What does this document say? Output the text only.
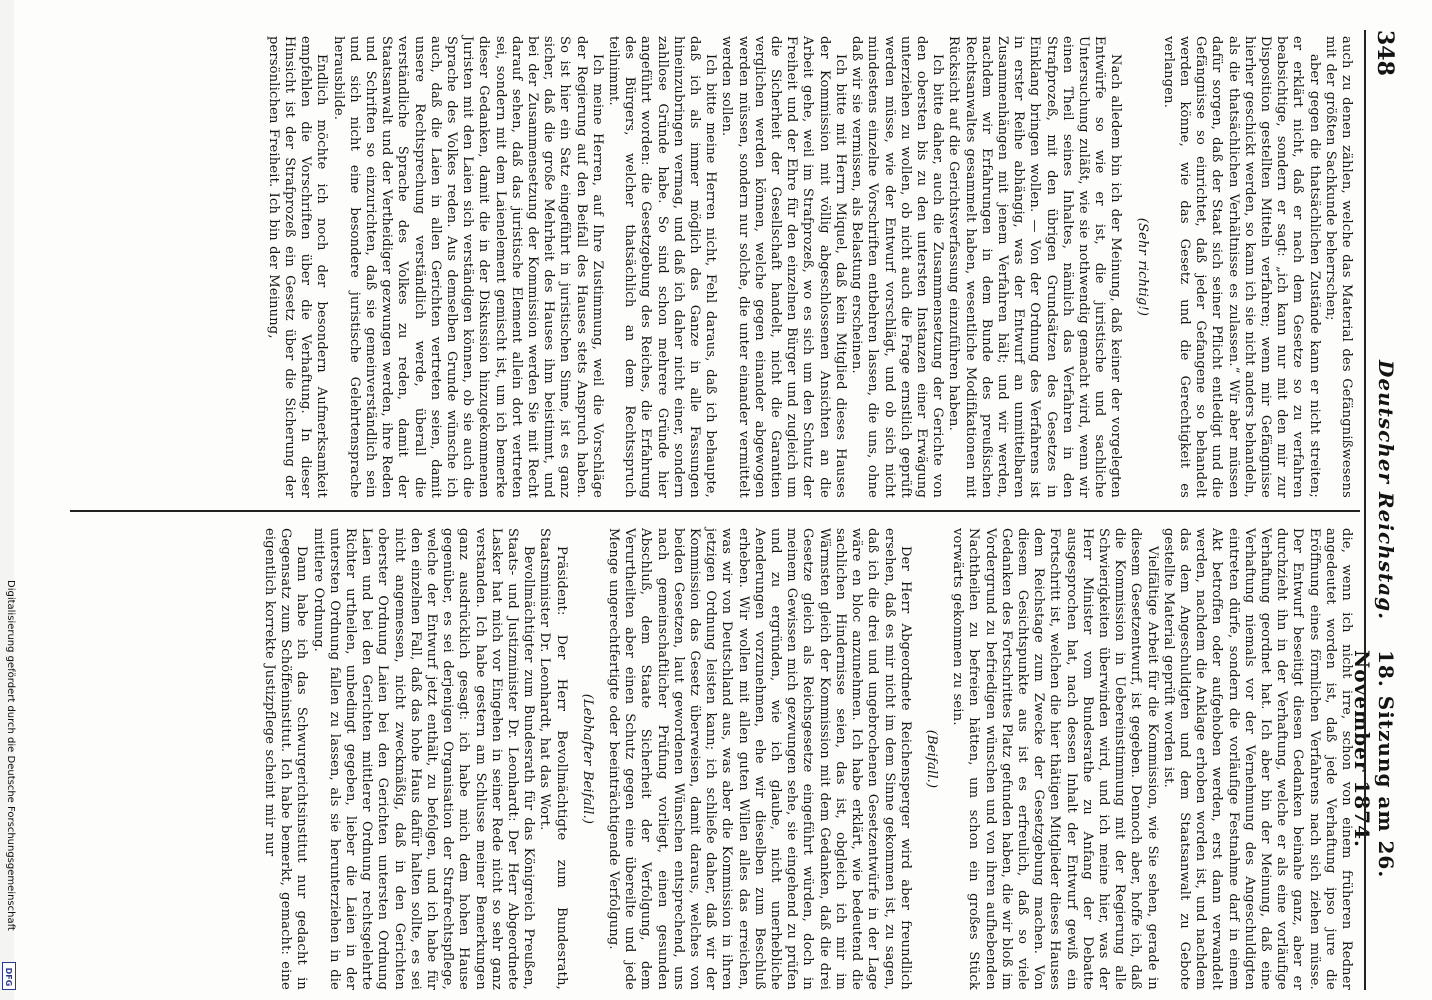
348
Deutscher Reichstag.
18. Sitzung am 26. November 1874.

auch zu denen zählen, welche das Material des Gefängnißwesens mit der größten Sachkunde beherrschen;

aber gegen die thatsächlichen Zustände kann er nicht streiten; er erklärt nicht, daß er nach dem Gesetze so zu verfahren beabsichtige, sondern er sagt: „ich kann nur mit den mir zur Disposition gestellten Mitteln verfahren; wenn mir Gefängnisse hierher geschickt werden, so kann ich sie nicht anders behandeln, als die thatsächlichen Verhältnisse es zulassen.“ Wir aber müssen dafür sorgen, daß der Staat sich seiner Pflicht entledigt und die Gefängnisse so einrichtet, daß jeder Gefangene so behandelt werden könne, wie das Gesetz und die Gerechtigkeit es verlangen.

(Sehr richtig!)

Nach alledem bin ich der Meinung, daß keiner der vorgelegten Entwürfe so wie er ist, die juristische und sachliche Untersuchung zuläßt, wie sie nothwendig gemacht wird, wenn wir einen Theil seines Inhaltes, nämlich das Verfahren in den Strafprozeß, mit den übrigen Grundsätzen des Gesetzes in Einklang bringen wollen. — Von der Ordnung des Verfahrens ist in erster Reihe abhängig, was der Entwurf an unmittelbaren Zusammenhängen mit jenem Verfahren hält; und wir werden, nachdem wir Erfahrungen in dem Bunde des preußischen Rechtsanwaltes gesammelt haben, wesentliche Modifikationen mit Rücksicht auf die Gerichtsverfassung einzuführen haben.

Ich bitte daher, auch die Zusammensetzung der Gerichte von den obersten bis zu den untersten Instanzen einer Erwägung unterziehen zu wollen, ob nicht auch die Frage ernstlich geprüft werden müsse, wie der Entwurf vorschlägt, und ob sich nicht mindestens einzelne Vorschriften entbehren lassen, die uns, ohne daß wir sie vermissen, als Belastung erscheinen.

Ich bitte mit Herrn Miquel, daß kein Mitglied dieses Hauses der Kommission mit völlig abgeschlossenen Ansichten an die Arbeit gehe, weil im Strafprozeß, wo es sich um den Schutz der Freiheit und der Ehre für den einzelnen Bürger und zugleich um die Sicherheit der Gesellschaft handelt, nicht die Garantien verglichen werden können, welche gegen einander abgewogen werden müssen, sondern nur solche, die unter einander vermittelt werden sollen.

Ich bitte meine Herren nicht, Fehl daraus, daß ich behaupte, daß ich als immer möglich das Ganze in alle Fassungen hineinzubringen vermag, und daß ich daher nicht einer, sondern zahllose Gründe habe. So sind schon mehrere Gründe hier angeführt worden: die Gesetzgebung des Reiches, die Erfahrung des Bürgers, welcher thatsächlich an dem Rechtsspruch teilnimmt.

Ich meine Herren, auf Ihre Zustimmung, weil die Vorschläge der Regierung auf den Beifall des Hauses stets Anspruch haben. So ist hier ein Satz eingeführt in juristischen Sinne, ist es ganz sicher, daß die große Mehrheit des Hauses ihm beistimmt, und bei der Zusammensetzung der Kommission werden Sie mit Recht darauf sehen, daß das juristische Element allein dort vertreten sei, sondern mit dem Laienelement gemischt ist, um ich bemerke dieser Gedanken, damit die in der Diskussion hinzugekommenen Juristen mit den Laien sich verständigen können, ob sie auch die Sprache des Volkes reden. Aus demselben Grunde wünsche ich auch, daß die Laien in allen Gerichten vertreten seien, damit unsere Rechtsprechung verständlich werde, überall die verständliche Sprache des Volkes zu reden, damit der Staatsanwalt und der Vertheidiger gezwungen werden, ihre Reden und Schriften so einzurichten, daß sie gemeinverständlich sein und sich nicht eine besondere juristische Gelehrtensprache herausbilde.

Endlich möchte ich noch der besondern Aufmerksamkeit empfehlen die Vorschriften über die Verhaftung. In dieser Hinsicht ist der Strafprozeß ein Gesetz über die Sicherung der persönlichen Freiheit. Ich bin der Meinung,

die, wenn ich nicht irre, schon von einem früheren Redner angedeutet worden ist, daß jede Verhaftung ipso jure die Eröffnung eines förmlichen Verfahrens nach sich ziehen müsse. Der Entwurf beseitigt diesen Gedanken beinahe ganz, aber er durchzieht ihn in der Verhaftung, welche er als eine vorläufige Verhaftung geordnet hat. Ich aber bin der Meinung, daß eine Verhaftung niemals vor der Vernehmung des Angeschuldigten eintreten dürfe, sondern die vorläufige Festnahme darf in einem Akt betroffen oder aufgehoben werden, erst dann verwandelt werden, nachdem die Anklage erhoben worden ist, und nachdem das dem Angeschuldigten und dem Staatsanwalt zu Gebote gestellte Material geprüft worden ist.

Vielfältige Arbeit für die Kommission, wie Sie sehen, gerade in diesem Gesetzentwurf, ist gegeben. Dennoch aber, hoffe ich, daß die Kommission in Uebereinstimmung mit der Regierung alle Schwierigkeiten überwinden wird, und ich meine hier, was der Herr Minister vom Bundesrathe zu Anfang der Debatte ausgesprochen hat, nach dessen Inhalt der Entwurf gewiß ein Fortschritt ist, welchen die hier thätigen Mitglieder dieses Hauses dem Reichstage zum Zwecke der Gesetzgebung machen. Von diesem Gesichtspunkte aus ist es erfreulich, daß so viele Gedanken des Fortschrittes Platz gefunden haben, die wir bloß im Vordergrund zu befriedigen wünschen und von ihren aufhebenden Nachtheilen zu befreien hätten, um schon ein großes Stück vorwärts gekommen zu sein.

(Beifall.)

Der Herr Abgeordnete Reichensperger wird aber freundlich ersehen, daß es mir nicht im dem Sinne gekommen ist, zu sagen, daß ich die drei und ungebrochenen Gesetzentwürfe in der Lage wäre en bloc anzunehmen. Ich habe erklärt, wie bedeutend die sachlichen Hindernisse seien, das ist, obgleich ich mir im Wärmsten gleich der Kommission mit dem Gedanken, daß die drei Gesetze gleich als Reichsgesetze eingeführt würden, doch in meinem Gewissen mich gezwungen sehe, sie eingehend zu prüfen und zu ergründen, wie ich glaube, nicht unerhebliche Aenderungen vorzunehmen, ehe wir dieselben zum Beschluß erheben. Wir wollen mit allen guten Willen alles das erreichen, was wir von Deutschland aus, was aber die Kommission in ihren jetzigen Ordnung leisten kann; ich schließe daher, daß wir der Kommission das Gesetz überweisen, damit daraus, welches von beiden Gesetzen, laut gewordenen Wünschen entsprechend, uns nach gemeinschaftlicher Prüfung vorliegt, einen gesunden Abschluß, dem Staate Sicherheit der Verfolgung, dem Verurtheilten aber einen Schutz gegen eine übereilte und jede Menge ungerechtfertigte oder beeinträchtigende Verfolgung.

(Lebhafter Beifall.)

Präsident: Der Herr Bevollmächtigte zum Bundesrath, Staatsminister Dr. Leonhardt, hat das Wort.

Bevollmächtigter zum Bundesrath für das Königreich Preußen, Staats- und Justizminister Dr. Leonhardt: Der Herr Abgeordnete Lasker hat mich vor Eingehen in seiner Rede nicht so sehr ganz verstanden. Ich habe gestern am Schlusse meiner Bemerkungen ganz ausdrücklich gesagt: ich habe mich dem hohen Hause gegenüber, es sei derjenigen Organisation der Strafrechtspflege, welche der Entwurf jetzt enthält, zu befolgen, und ich habe für den einzelnen Fall, daß das hohe Haus dafür halten sollte, es sei nicht angemessen, nicht zweckmäßig, daß in den Gerichten oberster Ordnung Laien bei den Gerichten untersten Ordnung Laien und bei den Gerichten mittlerer Ordnung rechtsgelehrte Richter urtheilen, unbedingt gegeben, lieber die Laien in der untersten Ordnung fallen zu lassen, als sie herunterziehen in die mittlere Ordnung.

Dann habe ich das Schwurgerichtsinstitut nur gedacht in Gegensatz zum Schöffeninstitut. Ich habe bemerkt, gemacht: eine eigentlich korrekte Justizpflege scheint mir nur

Digitalisierung gefördert durch die Deutsche Forschungsgemeinschaft
DFG
